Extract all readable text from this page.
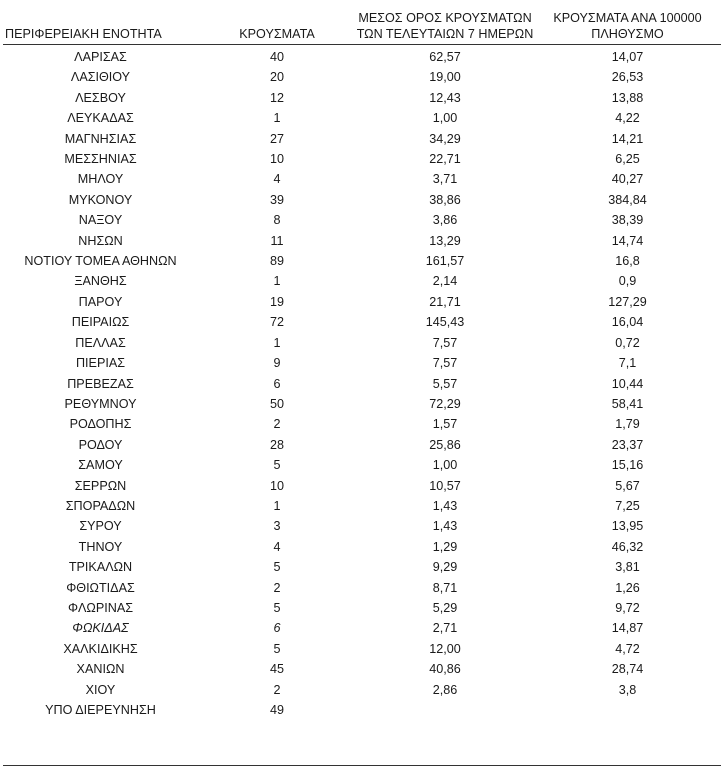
ΠΕΡΙΦΕΡΕΙΑΚΗ ΕΝΟΤΗΤΑ	ΚΡΟΥΣΜΑΤΑ	ΜΕΣΟΣ ΟΡΟΣ ΚΡΟΥΣΜΑΤΩΝ ΤΩΝ ΤΕΛΕΥΤΑΙΩΝ 7 ΗΜΕΡΩΝ	ΚΡΟΥΣΜΑΤΑ ΑΝΑ 100000 ΠΛΗΘΥΣΜΟ
ΛΑΡΙΣΑΣ	40	62,57	14,07
ΛΑΣΙΘΙΟΥ	20	19,00	26,53
ΛΕΣΒΟΥ	12	12,43	13,88
ΛΕΥΚΑΔΑΣ	1	1,00	4,22
ΜΑΓΝΗΣΙΑΣ	27	34,29	14,21
ΜΕΣΣΗΝΙΑΣ	10	22,71	6,25
ΜΗΛΟΥ	4	3,71	40,27
ΜΥΚΟΝΟΥ	39	38,86	384,84
ΝΑΞΟΥ	8	3,86	38,39
ΝΗΣΩΝ	11	13,29	14,74
ΝΟΤΙΟΥ ΤΟΜΕΑ ΑΘΗΝΩΝ	89	161,57	16,8
ΞΑΝΘΗΣ	1	2,14	0,9
ΠΑΡΟΥ	19	21,71	127,29
ΠΕΙΡΑΙΩΣ	72	145,43	16,04
ΠΕΛΛΑΣ	1	7,57	0,72
ΠΙΕΡΙΑΣ	9	7,57	7,1
ΠΡΕΒΕΖΑΣ	6	5,57	10,44
ΡΕΘΥΜΝΟΥ	50	72,29	58,41
ΡΟΔΟΠΗΣ	2	1,57	1,79
ΡΟΔΟΥ	28	25,86	23,37
ΣΑΜΟΥ	5	1,00	15,16
ΣΕΡΡΩΝ	10	10,57	5,67
ΣΠΟΡΑΔΩΝ	1	1,43	7,25
ΣΥΡΟΥ	3	1,43	13,95
ΤΗΝΟΥ	4	1,29	46,32
ΤΡΙΚΑΛΩΝ	5	9,29	3,81
ΦΘΙΩΤΙΔΑΣ	2	8,71	1,26
ΦΛΩΡΙΝΑΣ	5	5,29	9,72
ΦΩΚΙΔΑΣ	6	2,71	14,87
ΧΑΛΚΙΔΙΚΗΣ	5	12,00	4,72
ΧΑΝΙΩΝ	45	40,86	28,74
ΧΙΟΥ	2	2,86	3,8
ΥΠΟ ΔΙΕΡΕΥΝΗΣΗ	49		
